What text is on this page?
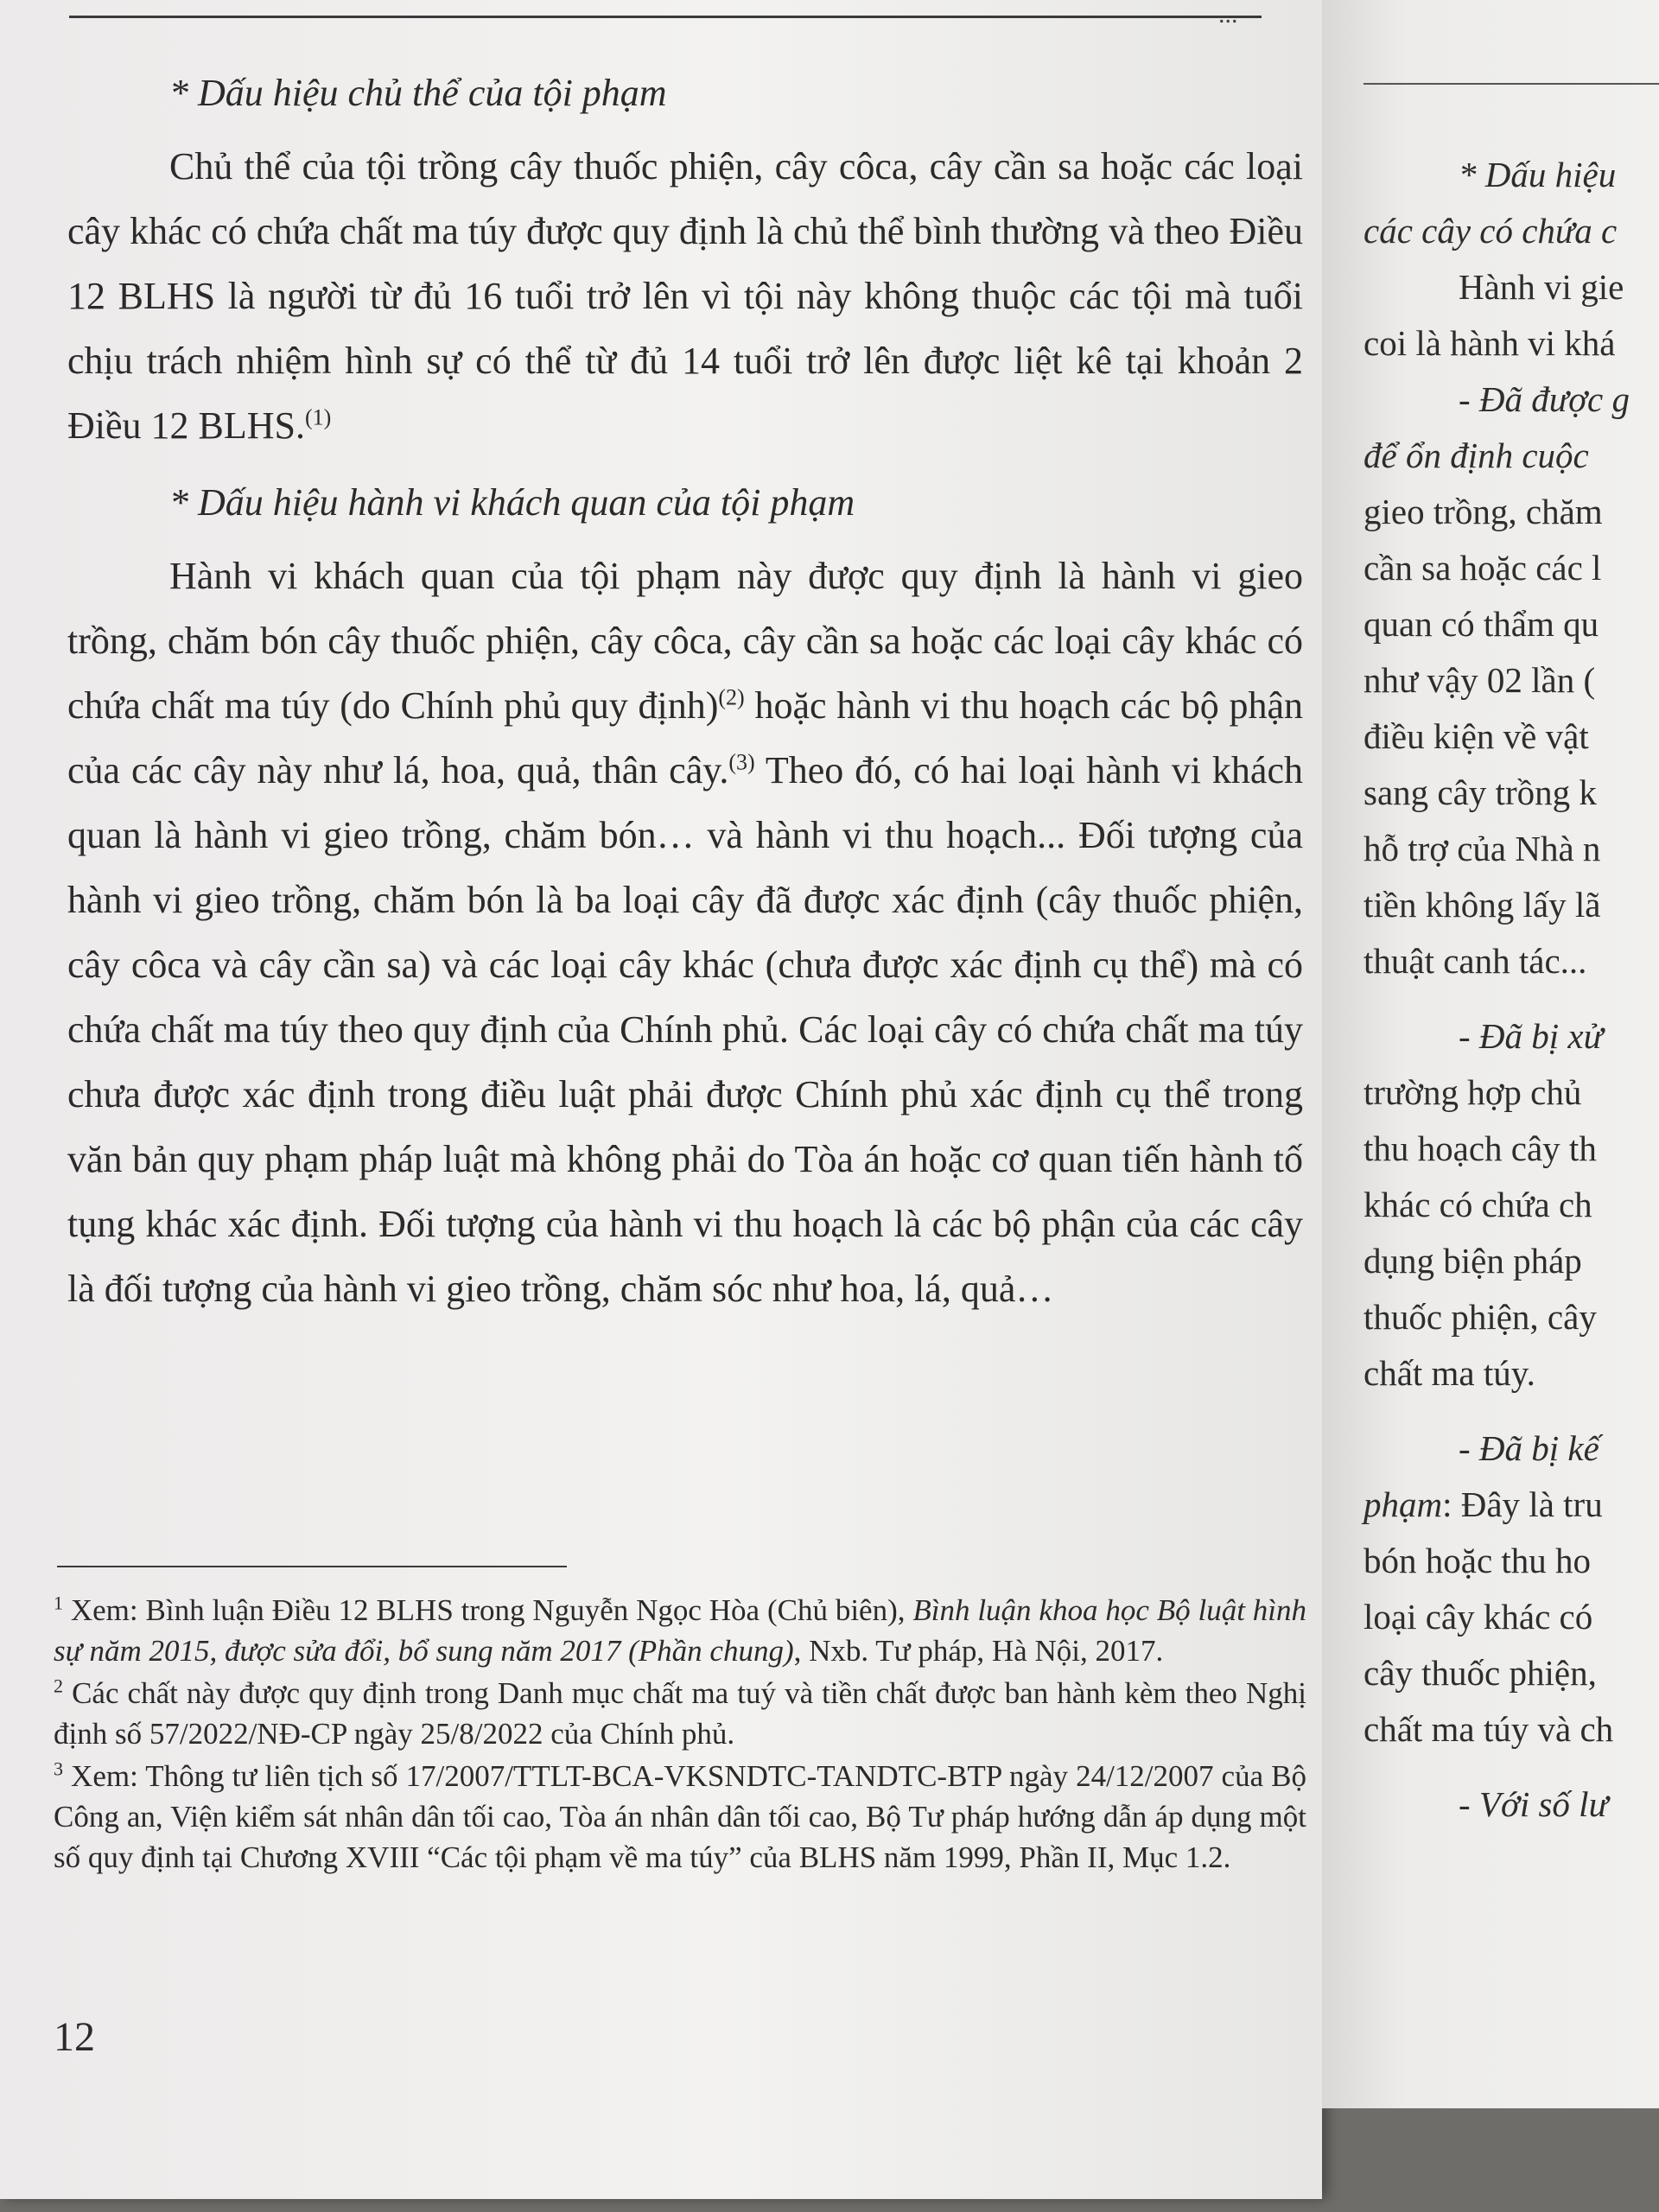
...

* Dấu hiệu chủ thể của tội phạm

Chủ thể của tội trồng cây thuốc phiện, cây côca, cây cần sa hoặc các loại cây khác có chứa chất ma túy được quy định là chủ thể bình thường và theo Điều 12 BLHS là người từ đủ 16 tuổi trở lên vì tội này không thuộc các tội mà tuổi chịu trách nhiệm hình sự có thể từ đủ 14 tuổi trở lên được liệt kê tại khoản 2 Điều 12 BLHS.$^{(1)}$

* Dấu hiệu hành vi khách quan của tội phạm

Hành vi khách quan của tội phạm này được quy định là hành vi gieo trồng, chăm bón cây thuốc phiện, cây côca, cây cần sa hoặc các loại cây khác có chứa chất ma túy (do Chính phủ quy định)$^{(2)}$ hoặc hành vi thu hoạch các bộ phận của các cây này như lá, hoa, quả, thân cây.$^{(3)}$ Theo đó, có hai loại hành vi khách quan là hành vi gieo trồng, chăm bón… và hành vi thu hoạch... Đối tượng của hành vi gieo trồng, chăm bón là ba loại cây đã được xác định (cây thuốc phiện, cây côca và cây cần sa) và các loại cây khác (chưa được xác định cụ thể) mà có chứa chất ma túy theo quy định của Chính phủ. Các loại cây có chứa chất ma túy chưa được xác định trong điều luật phải được Chính phủ xác định cụ thể trong văn bản quy phạm pháp luật mà không phải do Tòa án hoặc cơ quan tiến hành tố tụng khác xác định. Đối tượng của hành vi thu hoạch là các bộ phận của các cây là đối tượng của hành vi gieo trồng, chăm sóc như hoa, lá, quả…

$^1$ Xem: Bình luận Điều 12 BLHS trong Nguyễn Ngọc Hòa (Chủ biên), Bình luận khoa học Bộ luật hình sự năm 2015, được sửa đổi, bổ sung năm 2017 (Phần chung), Nxb. Tư pháp, Hà Nội, 2017.

$^2$ Các chất này được quy định trong Danh mục chất ma tuý và tiền chất được ban hành kèm theo Nghị định số 57/2022/NĐ-CP ngày 25/8/2022 của Chính phủ.

$^3$ Xem: Thông tư liên tịch số 17/2007/TTLT-BCA-VKSNDTC-TANDTC-BTP ngày 24/12/2007 của Bộ Công an, Viện kiểm sát nhân dân tối cao, Tòa án nhân dân tối cao, Bộ Tư pháp hướng dẫn áp dụng một số quy định tại Chương XVIII “Các tội phạm về ma túy” của BLHS năm 1999, Phần II, Mục 1.2.

12
* Dấu hiệu
các cây có chứa c
Hành vi gie
coi là hành vi khá
- Đã được g
để ổn định cuộc
gieo trồng, chăm
cần sa hoặc các l
quan có thẩm qu
như vậy 02 lần (
điều kiện về vật
sang cây trồng k
hỗ trợ của Nhà n
tiền không lấy lã
thuật canh tác...
- Đã bị xử
trường hợp chủ
thu hoạch cây th
khác có chứa ch
dụng biện pháp
thuốc phiện, cây
chất ma túy.
- Đã bị kế
phạm: Đây là tru
bón hoặc thu ho
loại cây khác có
cây thuốc phiện,
chất ma túy và ch
- Với số lư
